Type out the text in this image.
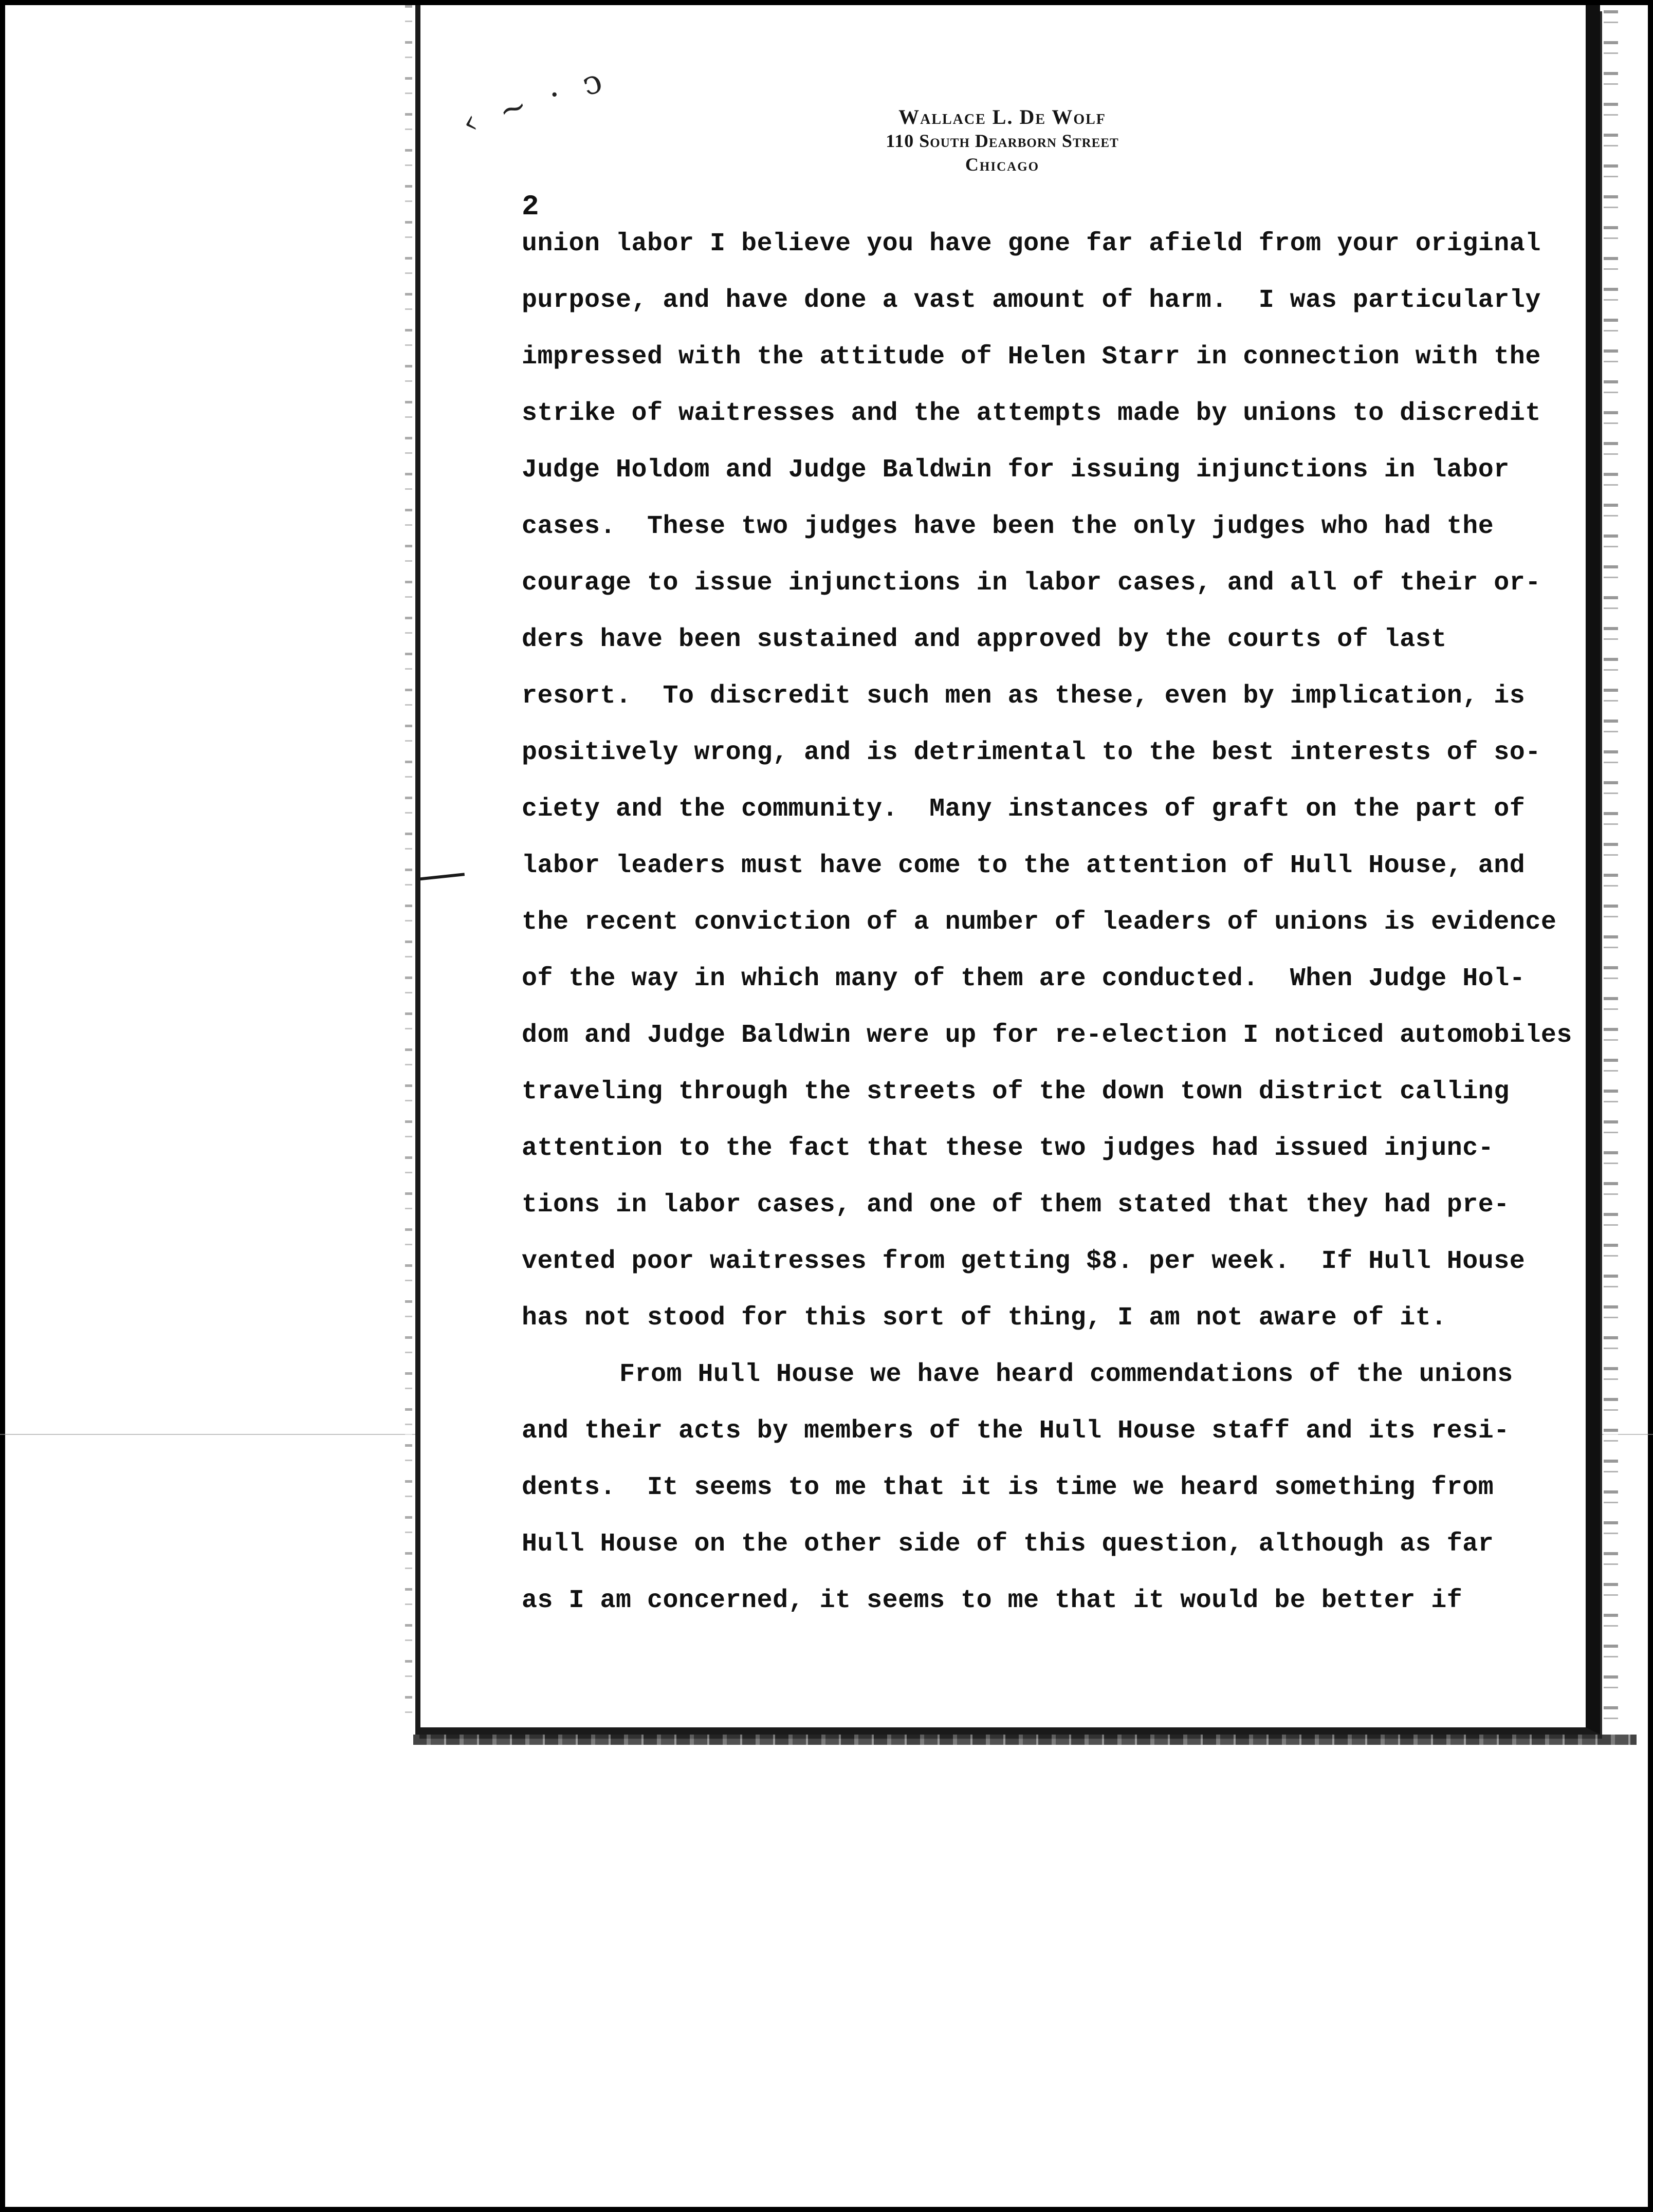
‹ ~ · ↄ	Wallace L. De Wolf
110 South Dearborn Street
Chicago
2
union labor I believe you have gone far afield from your original
purpose, and have done a vast amount of harm.  I was particularly
impressed with the attitude of Helen Starr in connection with the
strike of waitresses and the attempts made by unions to discredit
Judge Holdom and Judge Baldwin for issuing injunctions in labor
cases.  These two judges have been the only judges who had the
courage to issue injunctions in labor cases, and all of their or-
ders have been sustained and approved by the courts of last
resort.  To discredit such men as these, even by implication, is
positively wrong, and is detrimental to the best interests of so-
ciety and the community.  Many instances of graft on the part of
labor leaders must have come to the attention of Hull House, and
the recent conviction of a number of leaders of unions is evidence
of the way in which many of them are conducted.  When Judge Hol-
dom and Judge Baldwin were up for re-election I noticed automobiles
traveling through the streets of the down town district calling
attention to the fact that these two judges had issued injunc-
tions in labor cases, and one of them stated that they had pre-
vented poor waitresses from getting $8. per week.  If Hull House
has not stood for this sort of thing, I am not aware of it.
From Hull House we have heard commendations of the unions
and their acts by members of the Hull House staff and its resi-
dents.  It seems to me that it is time we heard something from
Hull House on the other side of this question, although as far
as I am concerned, it seems to me that it would be better if
